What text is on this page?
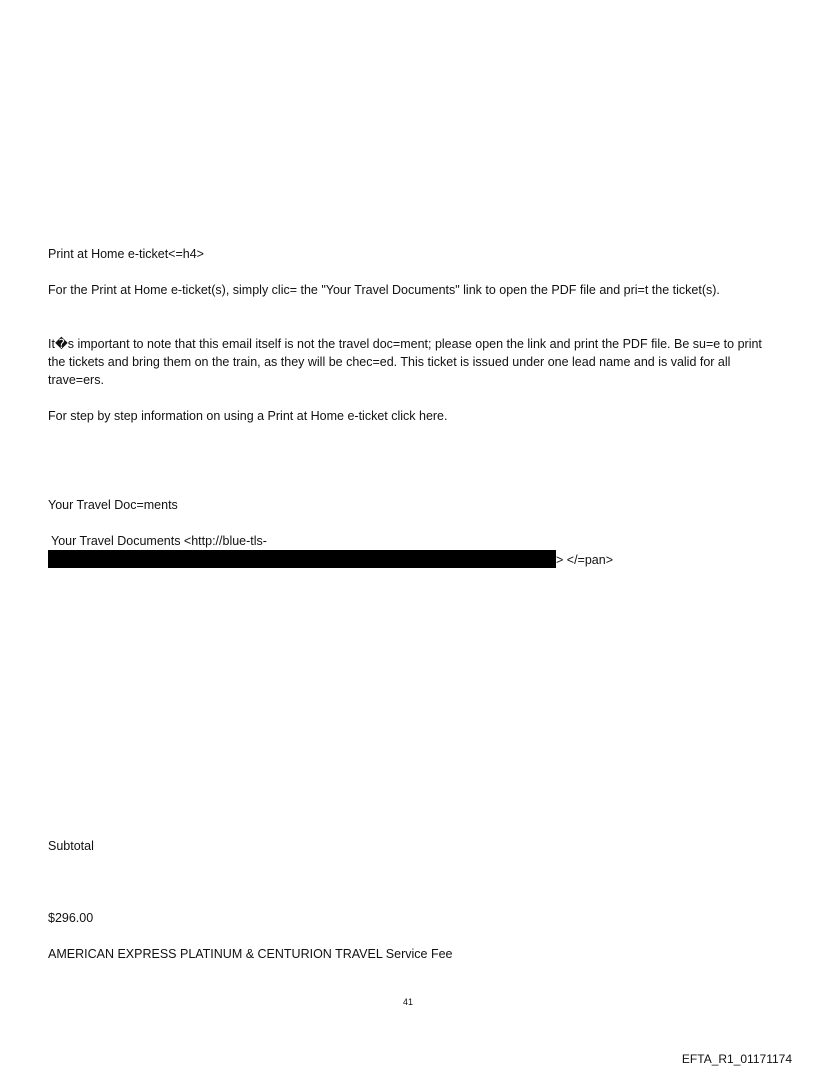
Print at Home e-ticket<=h4>
For the Print at Home e-ticket(s), simply clic= the "Your Travel Documents" link to open the PDF file and pri=t the ticket(s).
It�s important to note that this email itself is not the travel doc=ment; please open the link and print the PDF file. Be su=e to print the tickets and bring them on the train, as they will be chec=ed. This ticket is issued under one lead name and is valid for all trave=ers.
For step by step information on using a Print at Home e-ticket click here.
Your Travel Doc=ments
Your Travel Documents <http://blue-tls-
> </=pan>
Subtotal
$296.00
AMERICAN EXPRESS PLATINUM & CENTURION TRAVEL Service Fee
41
EFTA_R1_01171174
